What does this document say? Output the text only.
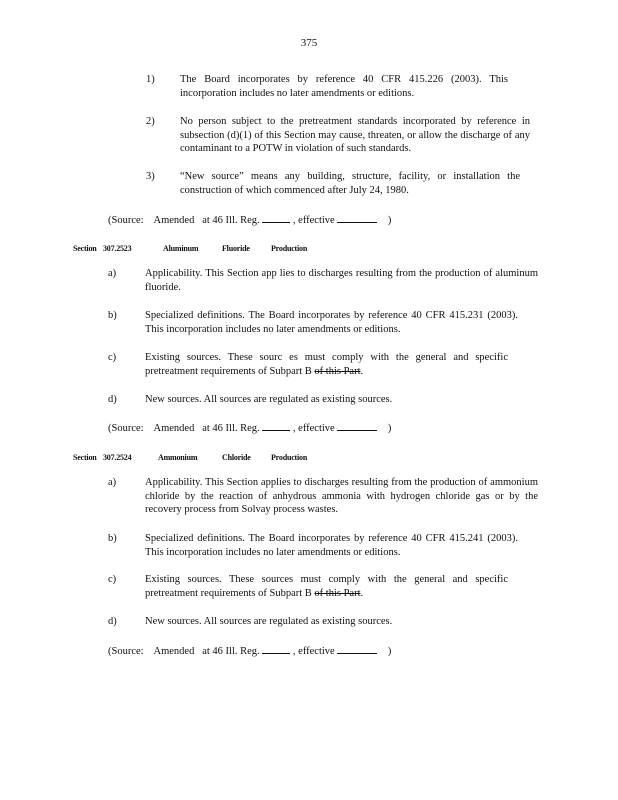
375
1) The Board incorporates by reference 40 CFR 415.226 (2003). This incorporation includes no later amendments or editions.
2) No person subject to the pretreatment standards incorporated by reference in subsection (d)(1) of this Section may cause, threaten, or allow the discharge of any contaminant to a POTW in violation of such standards.
3) “New source” means any building, structure, facility, or installation the construction of which commenced after July 24, 1980.
(Source: Amended at 46 Ill. Reg.	, effective	)
Section 307.2523	Aluminum	Fluoride	Production
a)	Applicability. This Section app lies to discharges resulting from the production of aluminum fluoride.
b)	Specialized definitions. The Board incorporates by reference 40 CFR 415.231 (2003). This incorporation includes no later amendments or editions.
c)	Existing sources. These sourc es must comply with the general and specific pretreatment requirements of Subpart B of this Part.
d)	New sources. All sources are regulated as existing sources.
(Source: Amended at 46 Ill. Reg.	, effective	)
Section 307.2524	Ammonium	Chloride	Production
a)	Applicability. This Section applies to discharges resulting from the production of ammonium chloride by the reaction of anhydrous ammonia with hydrogen chloride gas or by the recovery process from Solvay process wastes.
b)	Specialized definitions. The Board incorporates by reference 40 CFR 415.241 (2003). This incorporation includes no later amendments or editions.
c)	Existing sources. These sources must comply with the general and specific pretreatment requirements of Subpart B of this Part.
d)	New sources. All sources are regulated as existing sources.
(Source: Amended at 46 Ill. Reg.	, effective	)
